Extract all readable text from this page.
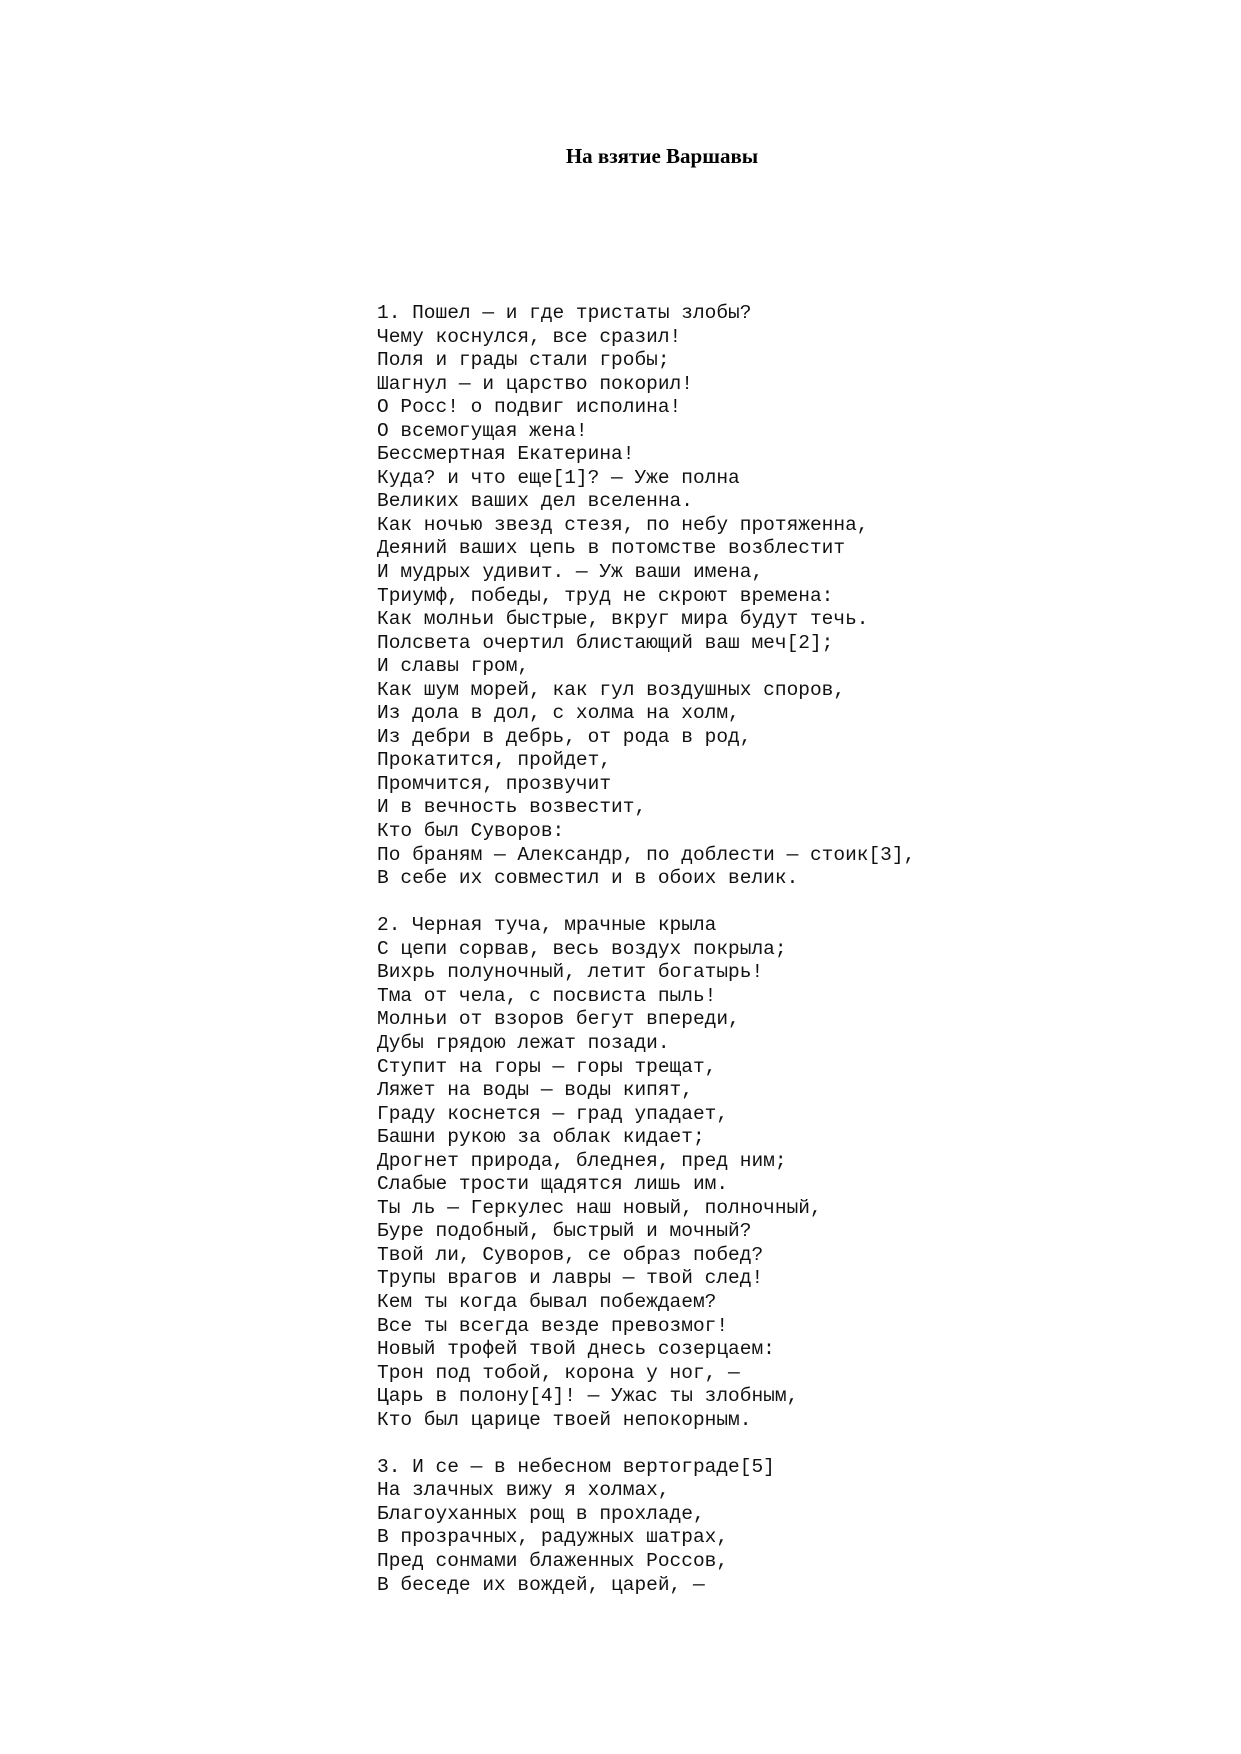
На взятие Варшавы
1. Пошел — и где тристаты злобы?
Чему коснулся, все сразил!
Поля и грады стали гробы;
Шагнул — и царство покорил!
О Росс! о подвиг исполина!
О всемогущая жена!
Бессмертная Екатерина!
Куда? и что еще[1]? — Уже полна
Великих ваших дел вселенна.
Как ночью звезд стезя, по небу протяженна,
Деяний ваших цепь в потомстве возблестит
И мудрых удивит. — Уж ваши имена,
Триумф, победы, труд не скроют времена:
Как молньи быстрые, вкруг мира будут течь.
Полсвета очертил блистающий ваш меч[2];
И славы гром,
Как шум морей, как гул воздушных споров,
Из дола в дол, с холма на холм,
Из дебри в дебрь, от рода в род,
Прокатится, пройдет,
Промчится, прозвучит
И в вечность возвестит,
Кто был Суворов:
По браням — Александр, по доблести — стоик[3],
В себе их совместил и в обоих велик.
2. Черная туча, мрачные крыла
С цепи сорвав, весь воздух покрыла;
Вихрь полуночный, летит богатырь!
Тма от чела, с посвиста пыль!
Молньи от взоров бегут впереди,
Дубы грядою лежат позади.
Ступит на горы — горы трещат,
Ляжет на воды — воды кипят,
Граду коснется — град упадает,
Башни рукою за облак кидает;
Дрогнет природа, бледнея, пред ним;
Слабые трости щадятся лишь им.
Ты ль — Геркулес наш новый, полночный,
Буре подобный, быстрый и мочный?
Твой ли, Суворов, се образ побед?
Трупы врагов и лавры — твой след!
Кем ты когда бывал побеждаем?
Все ты всегда везде превозмог!
Новый трофей твой днесь созерцаем:
Трон под тобой, корона у ног, —
Царь в полону[4]! — Ужас ты злобным,
Кто был царице твоей непокорным.
3. И се — в небесном вертограде[5]
На злачных вижу я холмах,
Благоуханных рощ в прохладе,
В прозрачных, радужных шатрах,
Пред сонмами блаженных Россов,
В беседе их вождей, царей, —
